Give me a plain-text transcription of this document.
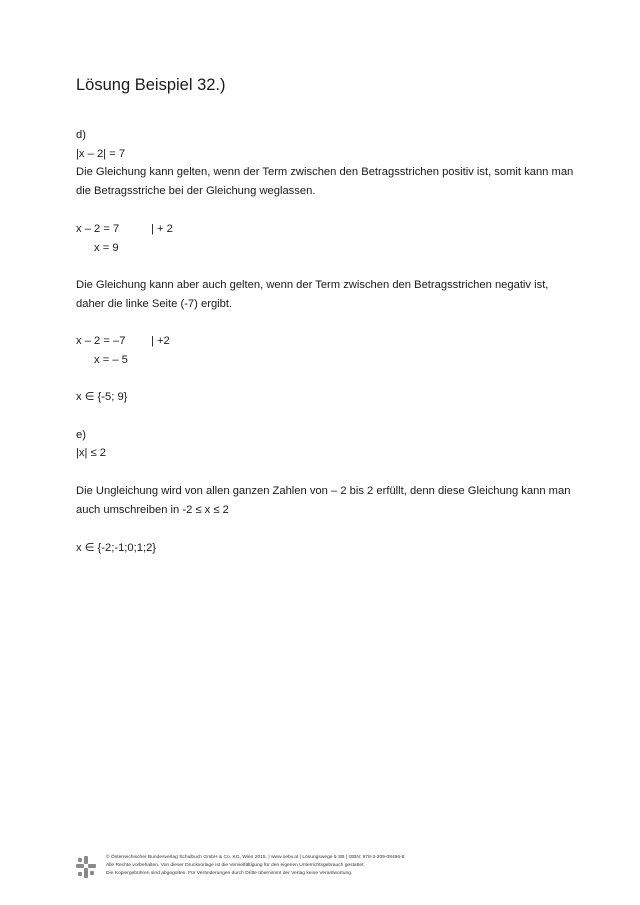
Lösung Beispiel 32.)

d)

|x – 2| = 7

Die Gleichung kann gelten, wenn der Term zwischen den Betragsstrichen positiv ist, somit kann man die Betragsstriche bei der Gleichung weglassen.

x – 2 = 7	| + 2

x = 9

Die Gleichung kann aber auch gelten, wenn der Term zwischen den Betragsstrichen negativ ist, daher die linke Seite (-7) ergibt.

x – 2 = –7 | +2

x = – 5

x ∈ {-5; 9}

e)

|x| ≤ 2

Die Ungleichung wird von allen ganzen Zahlen von – 2 bis 2 erfüllt, denn diese Gleichung kann man auch umschreiben in -2 ≤ x ≤ 2

x ∈ {-2;-1;0;1;2}

© Österreichischer Bundesverlag Schulbuch GmbH & Co. KG, Wien 2015. | www.oebv.at | Lösungswege 5 SB | ISBN: 978-3-209-08466-8
Alle Rechte vorbehalten. Von dieser Druckvorlage ist die Vervielfältigung für den eigenen Unterrichtsgebrauch gestattet.
Die Kopiergebühren sind abgegolten. Für Veränderungen durch Dritte übernimmt der Verlag keine Verantwortung.
